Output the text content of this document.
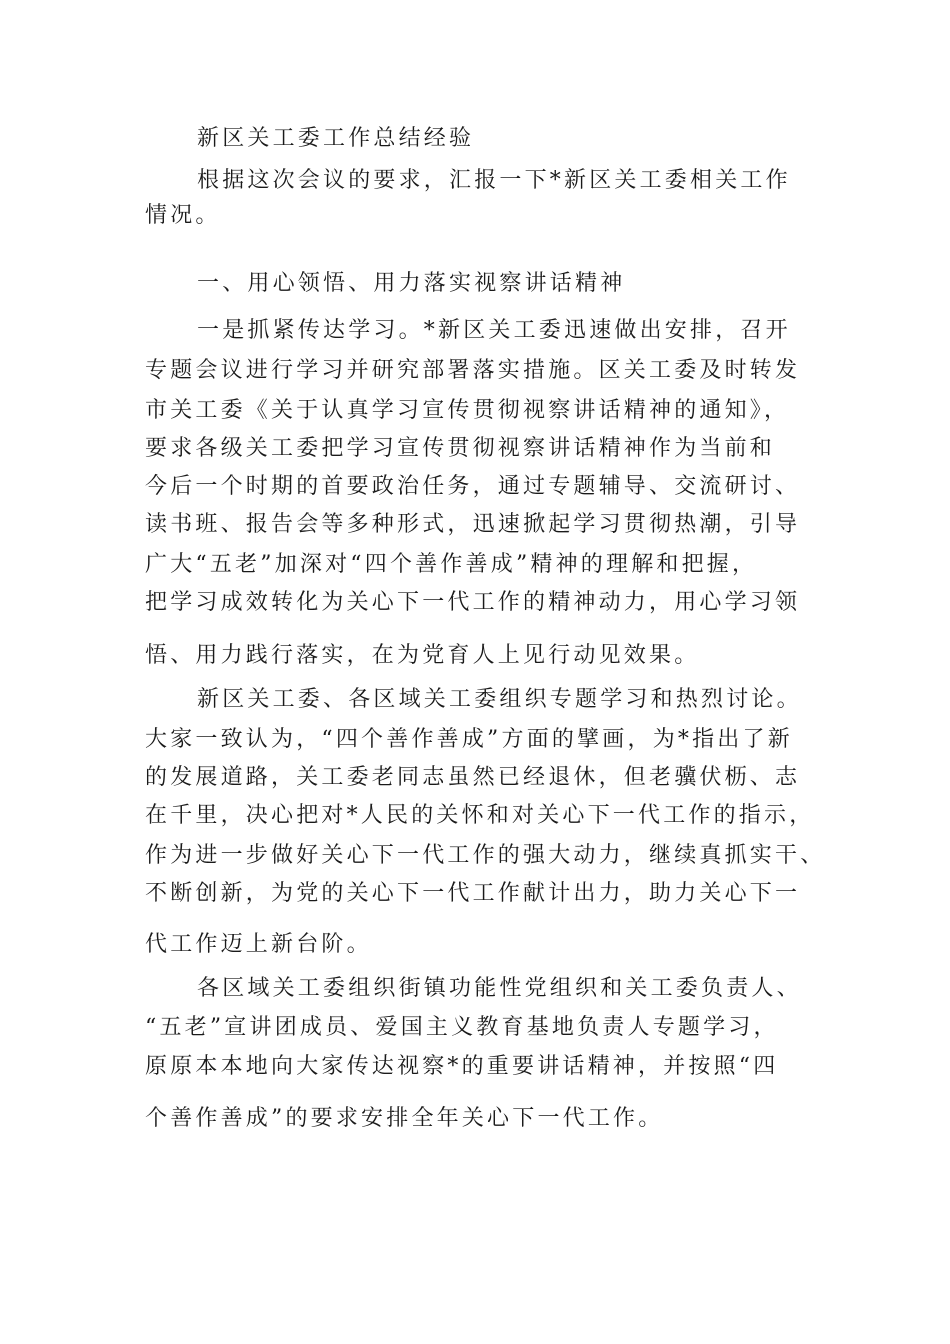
新区关工委工作总结经验
根据这次会议的要求，汇报一下*新区关工委相关工作
情况。
一、用心领悟、用力落实视察讲话精神
一是抓紧传达学习。*新区关工委迅速做出安排，召开
专题会议进行学习并研究部署落实措施。区关工委及时转发
市关工委《关于认真学习宣传贯彻视察讲话精神的通知》，
要求各级关工委把学习宣传贯彻视察讲话精神作为当前和
今后一个时期的首要政治任务，通过专题辅导、交流研讨、
读书班、报告会等多种形式，迅速掀起学习贯彻热潮，引导
广大“五老”加深对“四个善作善成”精神的理解和把握，
把学习成效转化为关心下一代工作的精神动力，用心学习领
悟、用力践行落实，在为党育人上见行动见效果。
新区关工委、各区域关工委组织专题学习和热烈讨论。
大家一致认为，“四个善作善成”方面的擘画，为*指出了新
的发展道路，关工委老同志虽然已经退休，但老骥伏枥、志
在千里，决心把对*人民的关怀和对关心下一代工作的指示，
作为进一步做好关心下一代工作的强大动力，继续真抓实干、
不断创新，为党的关心下一代工作献计出力，助力关心下一
代工作迈上新台阶。
各区域关工委组织街镇功能性党组织和关工委负责人、
“五老”宣讲团成员、爱国主义教育基地负责人专题学习，
原原本本地向大家传达视察*的重要讲话精神，并按照“四
个善作善成”的要求安排全年关心下一代工作。
